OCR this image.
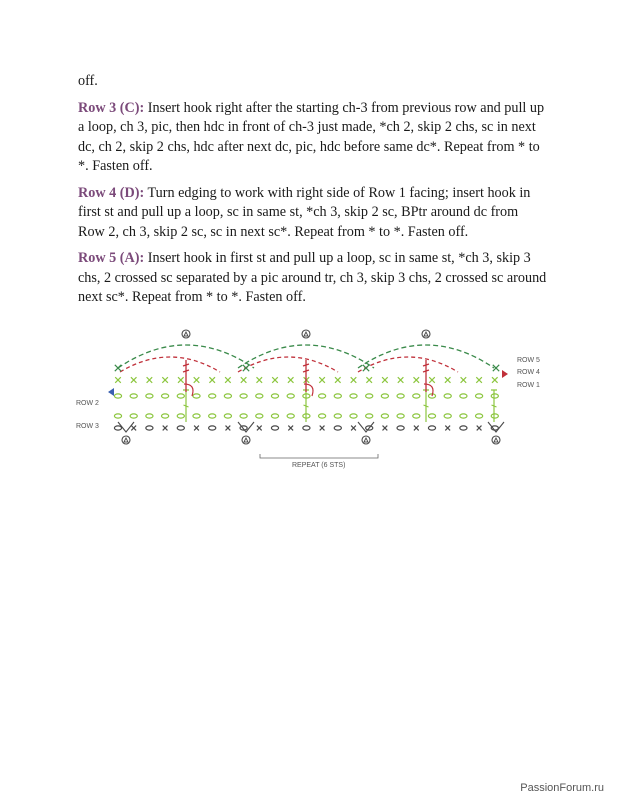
off.

Row 3 (C): Insert hook right after the starting ch-3 from previous row and pull up a loop, ch 3, pic, then hdc in front of ch-3 just made, *ch 2, skip 2 chs, sc in next dc, ch 2, skip 2 chs, hdc after next dc, pic, hdc before same dc*. Repeat from * to *. Fasten off.

Row 4 (D): Turn edging to work with right side of Row 1 facing; insert hook in first st and pull up a loop, sc in same st, *ch 3, skip 2 sc, BPtr around dc from Row 2, ch 3, skip 2 sc, sc in next sc*. Repeat from * to *. Fasten off.

Row 5 (A): Insert hook in first st and pull up a loop, sc in same st, *ch 3, skip 3 chs, 2 crossed sc separated by a pic around tr, ch 3, skip 3 chs, 2 crossed sc around next sc*. Repeat from * to *. Fasten off.

ROW 5
ROW 4
ROW 1
ROW 2
ROW 3
REPEAT (6 STS)
PassionForum.ru
